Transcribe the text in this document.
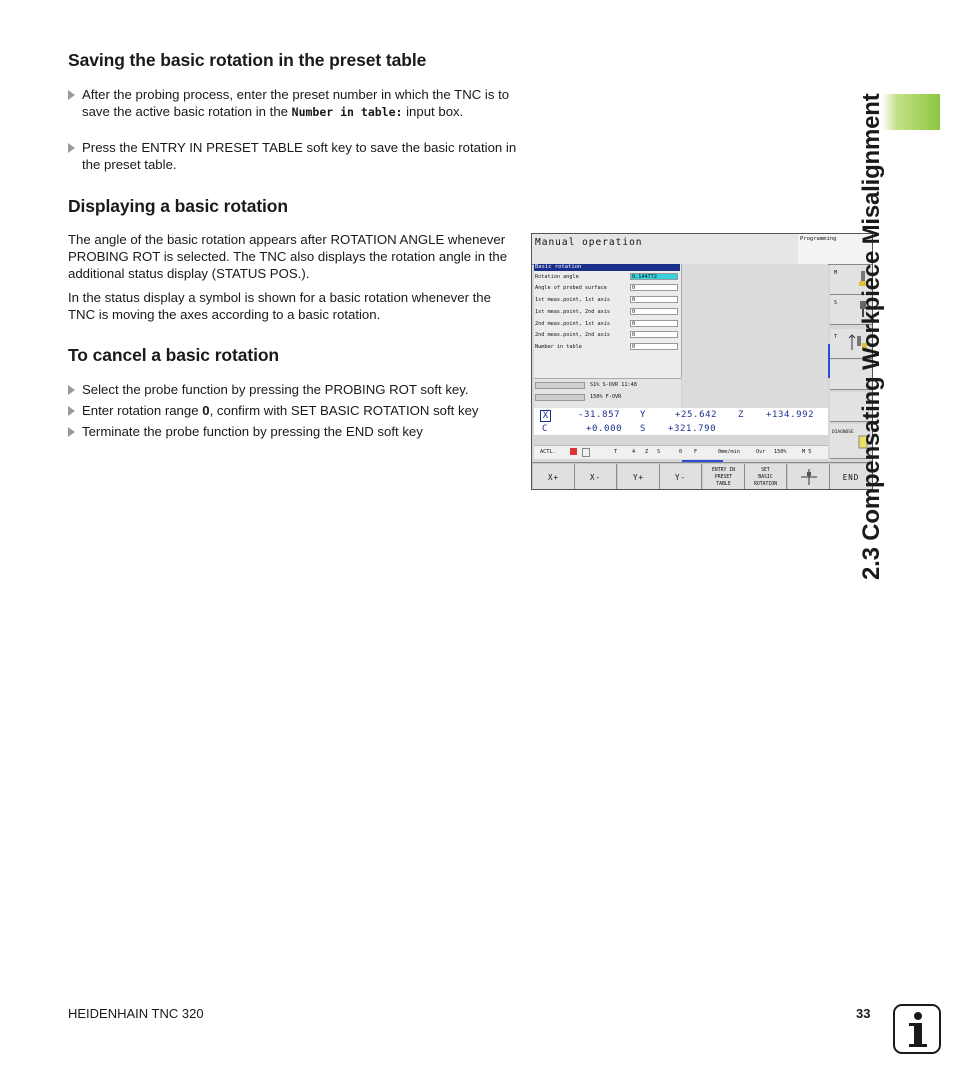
Saving the basic rotation in the preset table
After the probing process, enter the preset number in which the TNC is to save the active basic rotation in the Number in table: input box.
Press the ENTRY IN PRESET TABLE soft key to save the basic rotation in the preset table.
Displaying a basic rotation

The angle of the basic rotation appears after ROTATION ANGLE whenever PROBING ROT is selected. The TNC also displays the rotation angle in the additional status display (STATUS POS.).

In the status display a symbol is shown for a basic rotation whenever the TNC is moving the axes according to a basic rotation.

To cancel a basic rotation
Select the probe function by pressing the PROBING ROT soft key.
Enter rotation range 0, confirm with SET BASIC ROTATION soft key
Terminate the probe function by pressing the END soft key
Manual operation	Programming
Basic rotation
Rotation angle	0.144772
Angle of probed surface	0
1st meas.point, 1st axis	0
1st meas.point, 2nd axis	0
2nd meas.point, 1st axis	0
2nd meas.point, 2nd axis	0
Number in table	0
S1% S-OVR 11:48
150% F-OVR
X	-31.857 Y	+25.642 Z +134.992
C	+0.000 S +321.790
ACTL.	T	4 Z S	0 F	0mm/min	Ovr 150%	M 5
M
S
T
DIAGNOSE
X+	X-	Y+	Y-
ENTRY IN
PRESET
TABLE
SET
BASIC
ROTATION
END
2.3 Compensating Workpiece Misalignment
HEIDENHAIN TNC 320	33
